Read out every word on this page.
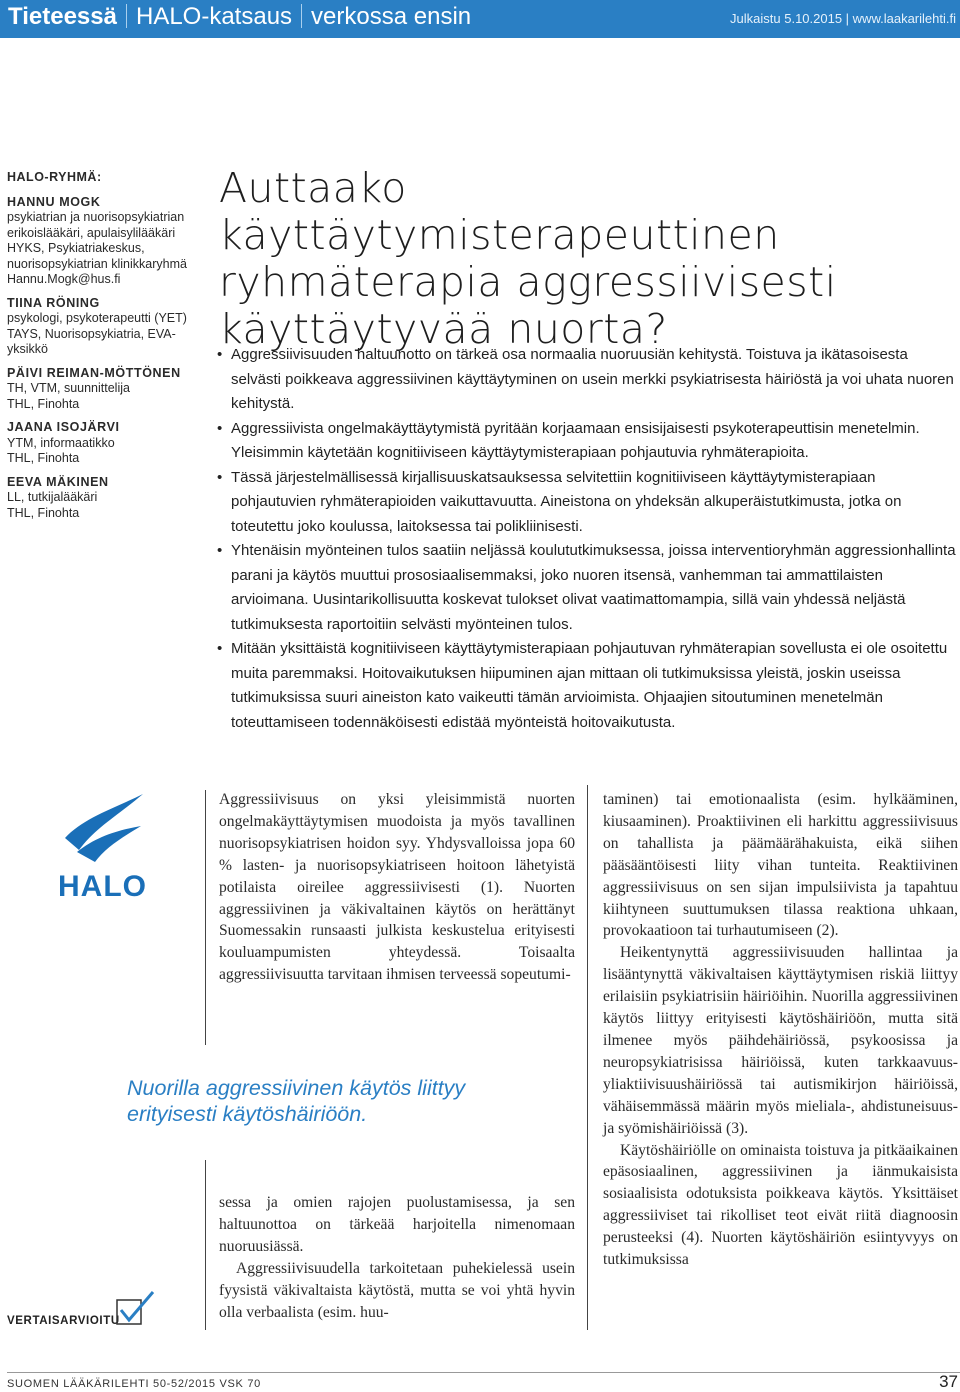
Tieteessä HALO-katsaus verkossa ensin	Julkaistu 5.10.2015 | www.laakarilehti.fi
HALO-RYHMÄ:
HANNU MOGK
psykiatrian ja nuorisopsykiatrian
erikoislääkäri, apulaisylilääkäri
HYKS, Psykiatriakeskus,
nuorisopsykiatrian klinikkaryhmä
Hannu.Mogk@hus.fi
TIINA RÖNING
psykologi, psykoterapeutti (YET)
TAYS, Nuorisopsykiatria, EVA-
yksikkö
PÄIVI REIMAN-MÖTTÖNEN
TH, VTM, suunnittelija
THL, Finohta
JAANA ISOJÄRVI
YTM, informaatikko
THL, Finohta
EEVA MÄKINEN
LL, tutkijalääkäri
THL, Finohta
Auttaako käyttäytymisterapeuttinen ryhmäterapia aggressiivisesti käyttäytyvää nuorta?
• Aggressiivisuuden haltuunotto on tärkeä osa normaalia nuoruusiän kehitystä. Toistuva ja ikätasoisesta selvästi poikkeava aggressiivinen käyttäytyminen on usein merkki psykiatrisesta häiriöstä ja voi uhata nuoren kehitystä.
• Aggressiivista ongelmakäyttäytymistä pyritään korjaamaan ensisijaisesti psykoterapeuttisin menetelmin. Yleisimmin käytetään kognitiiviseen käyttäytymisterapiaan pohjautuvia ryhmäterapioita.
• Tässä järjestelmällisessä kirjallisuuskatsauksessa selvitettiin kognitiiviseen käyttäytymisterapiaan pohjautuvien ryhmäterapioiden vaikuttavuutta. Aineistona on yhdeksän alkuperäistutkimusta, jotka on toteutettu joko koulussa, laitoksessa tai polikliinisesti.
• Yhtenäisin myönteinen tulos saatiin neljässä koulututkimuksessa, joissa interventioryhmän aggressionhallinta parani ja käytös muuttui prososiaalisemmaksi, joko nuoren itsensä, vanhemman tai ammattilaisten arvioimana. Uusintarikollisuutta koskevat tulokset olivat vaatimattomampia, sillä vain yhdessä neljästä tutkimuksesta raportoitiin selvästi myönteinen tulos.
• Mitään yksittäistä kognitiiviseen käyttäytymisterapiaan pohjautuvan ryhmäterapian sovellusta ei ole osoitettu muita paremmaksi. Hoitovaikutuksen hiipuminen ajan mittaan oli tutkimuksissa yleistä, joskin useissa tutkimuksissa suuri aineiston kato vaikeutti tämän arvioimista. Ohjaajien sitoutuminen menetelmän toteuttamiseen todennäköisesti edistää myönteistä hoitovaikutusta.
HALO

Aggressiivisuus on yksi yleisimmistä nuorten ongelmakäyttäytymisen muodoista ja myös tavallinen nuorisopsykiatrisen hoidon syy. Yhdysvalloissa jopa 60 % lasten- ja nuorisopsykiatriseen hoitoon lähetyistä potilaista oireilee aggressiivisesti (1). Nuorten aggressiivinen ja väkivaltainen käytös on herättänyt Suomessakin runsaasti julkista keskustelua erityisesti kouluampumisten yhteydessä. Toisaalta aggressiivisuutta tarvitaan ihmisen terveessä sopeutumi-

Nuorilla aggressiivinen käytös liittyy erityisesti käytöshäiriöön.

sessa ja omien rajojen puolustamisessa, ja sen haltuunottoa on tärkeää harjoitella nimenomaan nuoruusiässä.

Aggressiivisuudella tarkoitetaan puhekielessä usein fyysistä väkivaltaista käytöstä, mutta se voi yhtä hyvin olla verbaalista (esim. huu-

taminen) tai emotionaalista (esim. hylkääminen, kiusaaminen). Proaktiivinen eli harkittu aggressiivisuus on tahallista ja päämäärähakuista, eikä siihen pääsääntöisesti liity vihan tunteita. Reaktiivinen aggressiivisuus on sen sijan impulsiivista ja tapahtuu kiihtyneen suuttumuksen tilassa reaktiona uhkaan, provokaatioon tai turhautumiseen (2).

Heikentynyttä aggressiivisuuden hallintaa ja lisääntynyttä väkivaltaisen käyttäytymisen riskiä liittyy erilaisiin psykiatrisiin häiriöihin. Nuorilla aggressiivinen käytös liittyy erityisesti käytöshäiriöön, mutta sitä ilmenee myös päihdehäiriössä, psykoosissa ja neuropsykiatrisissa häiriöissä, kuten tarkkaavuus-yliaktiivisuushäiriössä tai autismikirjon häiriöissä, vähäisemmässä määrin myös mieliala-, ahdistuneisuus- ja syömishäiriöissä (3).

Käytöshäiriölle on ominaista toistuva ja pitkäaikainen epäsosiaalinen, aggressiivinen ja iänmukaisista sosiaalisista odotuksista poikkeava käytös. Yksittäiset aggressiiviset tai rikolliset teot eivät riitä diagnoosin perusteeksi (4). Nuorten käytöshäiriön esiintyvyys on tutkimuksissa

VERTAISARVIOITU
SUOMEN LÄÄKÄRILEHTI 50-52/2015 VSK 70	37
